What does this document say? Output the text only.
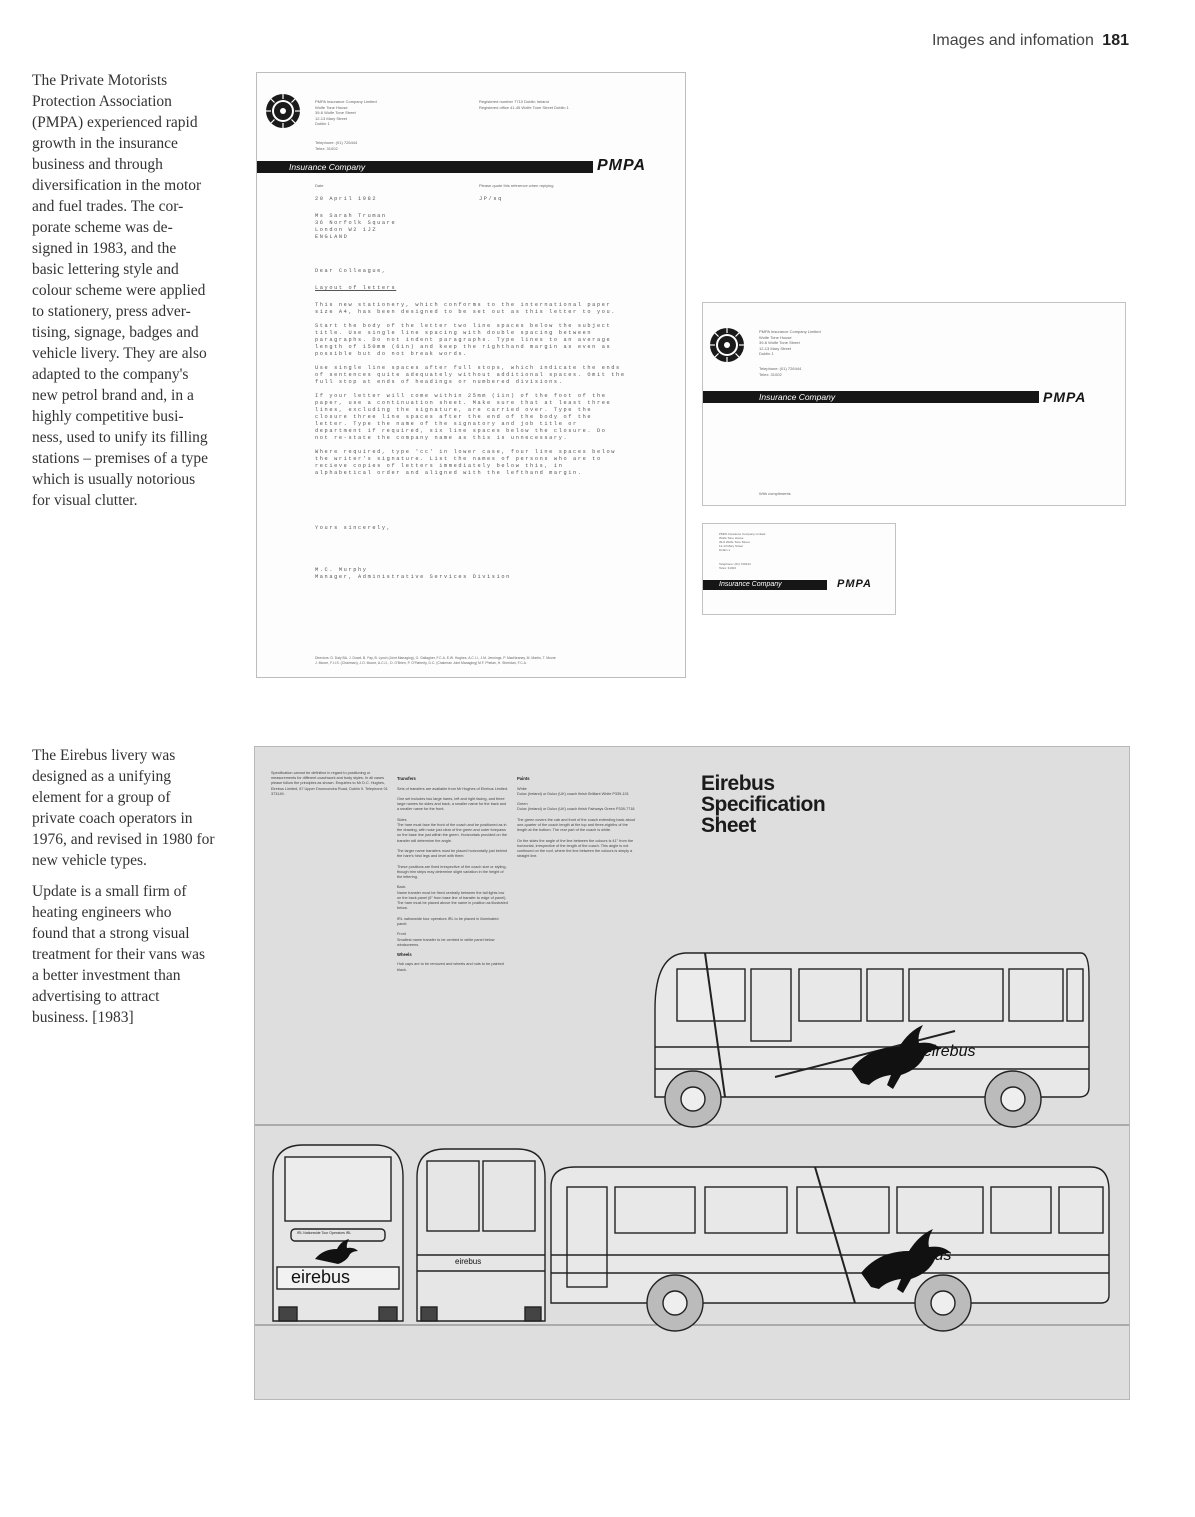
Images and infomation 181

The Private Motorists
Protection Association
(PMPA) experienced rapid
growth in the insurance
business and through
diversification in the motor
and fuel trades. The cor-
porate scheme was de-
signed in 1983, and the
basic lettering style and
colour scheme were applied
to stationery, press adver-
tising, signage, badges and
vehicle livery. They are also
adapted to the company's
new petrol brand and, in a
highly competitive busi-
ness, used to unify its filling
stations – premises of a type
which is usually notorious
for visual clutter.

The Eirebus livery was
designed as a unifying
element for a group of
private coach operators in
1976, and revised in 1980 for
new vehicle types.

Update is a small firm of
heating engineers who
found that a strong visual
treatment for their vans was
a better investment than
advertising to attract
business. [1983]

PMPA Insurance Company Limited
Wolfe Tone House
39-6 Wolfe Tone Street
12-13 Mary Street
Dublin 1
Telephone: (01) 726444
Telex: 31002
Registered number 7710 Dublin Ireland
Registered office 41-45 Wolfe Tone Street Dublin 1
Insurance Company	PMPA
Date	Please quote this reference when replying
20 April 1982	JP/sq
Ms Sarah Truman
36 Norfolk Square
London W2 1JZ
ENGLAND
Dear Colleague,
Layout of letters
This new stationery, which conforms to the international paper
size A4, has been designed to be set out as this letter to you.

Start the body of the letter two line spaces below the subject
title. Use single line spacing with double spacing between
paragraphs. Do not indent paragraphs. Type lines to an average
length of 150mm (6in) and keep the righthand margin as even as
possible but do not break words.

Use single line spaces after full stops, which indicate the ends
of sentences quite adequately without additional spaces. Omit the
full stop at ends of headings or numbered divisions.

If your letter will come within 25mm (1in) of the foot of the
paper, use a continuation sheet. Make sure that at least three
lines, excluding the signature, are carried over. Type the
closure three line spaces after the end of the body of the
letter. Type the name of the signatory and job title or
department if required, six line spaces below the closure. Do
not re-state the company name as this is unnecessary.

Where required, type 'cc' in lower case, four line spaces below
the writer's signature. List the names of persons who are to
recieve copies of letters immediately below this, in
alphabetical order and aligned with the lefthand margin.
Yours sincerely,
M.C. Murphy
Manager, Administrative Services Division
Directors: D. Daly BA, J. Dowd, B. Fay, B. Lynch (Joint Managing), G. Gallagher, F.C.A. E.W. Hughes, A.C.I.I., J.M. Jennings, P. MacNeaney, M. Martin, T. Moore
J. Moore, F.I.I.S. (Chairman), J.O. Moore, A.C.I.I., D. O'Brien, P. O'Flaherty, D.C. (Chairman Joint Managing) M.F. Phelan, H. Sheridan, F.C.A.
PMPA Insurance Company Limited
Wolfe Tone House
39-6 Wolfe Tone Street
12-13 Mary Street
Dublin 1
Telephone: (01) 726444
Telex: 31002
Insurance Company	PMPA
With compliments
PMPA Insurance Company Limited
Wolfe Tone House
39-6 Wolfe Tone Street
12-13 Mary Street
Dublin 1
Telephone: (01) 726444
Telex: 31002
Insurance Company	PMPA
Specification cannot be definitive in regard to positioning or measurements for different coachwork and body styles. In all cases please follow the principles as shown. Enquiries to Mr D.C. Hughes, Eirebus Limited, 67 Upper Drumcondra Road, Dublin 9. Telephone 01 373149.

Transfers

Sets of transfers are available from Mr Hughes of Eirebus Limited.

One set includes two large hares, left and right facing, and three large names for sides and back, a smaller name for the back and a smaller name for the front.

Sides
The hare must face the front of the coach and be positioned as in the drawing, with nose just clear of the green and outer forepaws on the base line just within the green. Horizontals provided on the transfer will determine the angle.

The larger name transfers must be placed horizontally just behind the hare's hind legs and level with them.

These positions are fixed irrespective of the coach size or styling, though trim strips may determine slight variation in the height of the lettering.

Back
Name transfer must be fixed centrally between the tail lights low on the back panel (6" from base line of transfer to edge of panel). The hare must be placed above the name in position as illustrated below.

IRL nationwide tour operators IRL to be placed in illuminated panel.

Front
Smallest name transfer to be centred in white panel below windscreens.

Wheels

Hub caps are to be removed and wheels and nuts to be painted black.

Paints

White
Dulux (Ireland) or Dulux (UK) coach finish Brilliant White P339-101

Green
Dulux (Ireland) or Dulux (UK) coach finish Fairways Green P339-7718

The green covers the cab and front of the coach extending back about one-quarter of the coach length at the top and three-eighths of the length at the bottom. The rear part of the coach is white.

On the sides the angle of the line between the colours is 41° from the horizontal, irrespective of the length of the coach. This angle is not continued on the roof, where the line between the colours is simply a straight line.

Eirebus
Specification
Sheet
eirebus
eirebus
eirebus
eirebus
IRL Nationwide Tour Operators IRL
